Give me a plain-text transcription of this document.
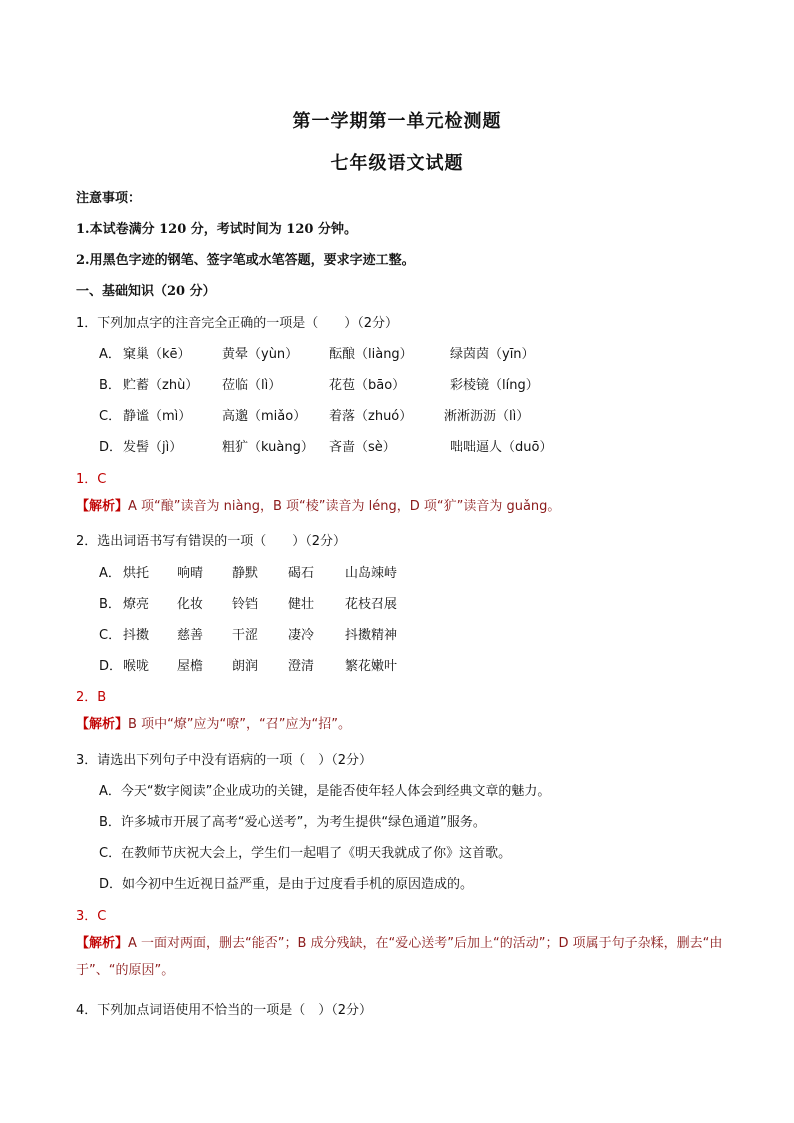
第一学期第一单元检测题
七年级语文试题
注意事项：
1.本试卷满分 120 分，考试时间为 120 分钟。
2.用黑色字迹的钢笔、签字笔或水笔答题，要求字迹工整。
一、基础知识（20 分）
1．下列加点字的注音完全正确的一项是（　　）（2分）
A． 窠巢（kē） 黄晕（yùn） 酝酿（liàng）	绿茵茵（yīn）
B． 贮蓄（zhù） 莅临（lì）	花苞（bāo）	彩棱镜（líng）
C． 静谧（mì） 高邈（miǎo） 着落（zhuó） 淅淅沥沥（lì）
D． 发髻（jì）	粗犷（kuàng） 吝啬（sè）	咄咄逼人（duō）
1．C
【解析】A 项“酿”读音为 niàng，B 项“棱”读音为 léng，D 项“犷”读音为 guǎng。
2．选出词语书写有错误的一项（　　）（2分）
A． 烘托 响晴 静默 碣石 山岛竦峙
B． 燎亮 化妆 铃铛 健壮 花枝召展
C． 抖擞 慈善 干涩 凄冷 抖擞精神
D． 喉咙 屋檐 朗润 澄清 繁花嫩叶
2．B
【解析】B 项中“燎”应为“嘹”，“召”应为“招”。
3．请选出下列句子中没有语病的一项（　）（2分）
A．今天“数字阅读”企业成功的关键，是能否使年轻人体会到经典文章的魅力。
B．许多城市开展了高考“爱心送考”，为考生提供“绿色通道”服务。
C．在教师节庆祝大会上，学生们一起唱了《明天我就成了你》这首歌。
D．如今初中生近视日益严重，是由于过度看手机的原因造成的。
3．C
【解析】A 一面对两面，删去“能否”；B 成分残缺，在“爱心送考”后加上“的活动”；D 项属于句子杂糅，删去“由于”、“的原因”。
4．下列加点词语使用不恰当的一项是（　）（2分）
